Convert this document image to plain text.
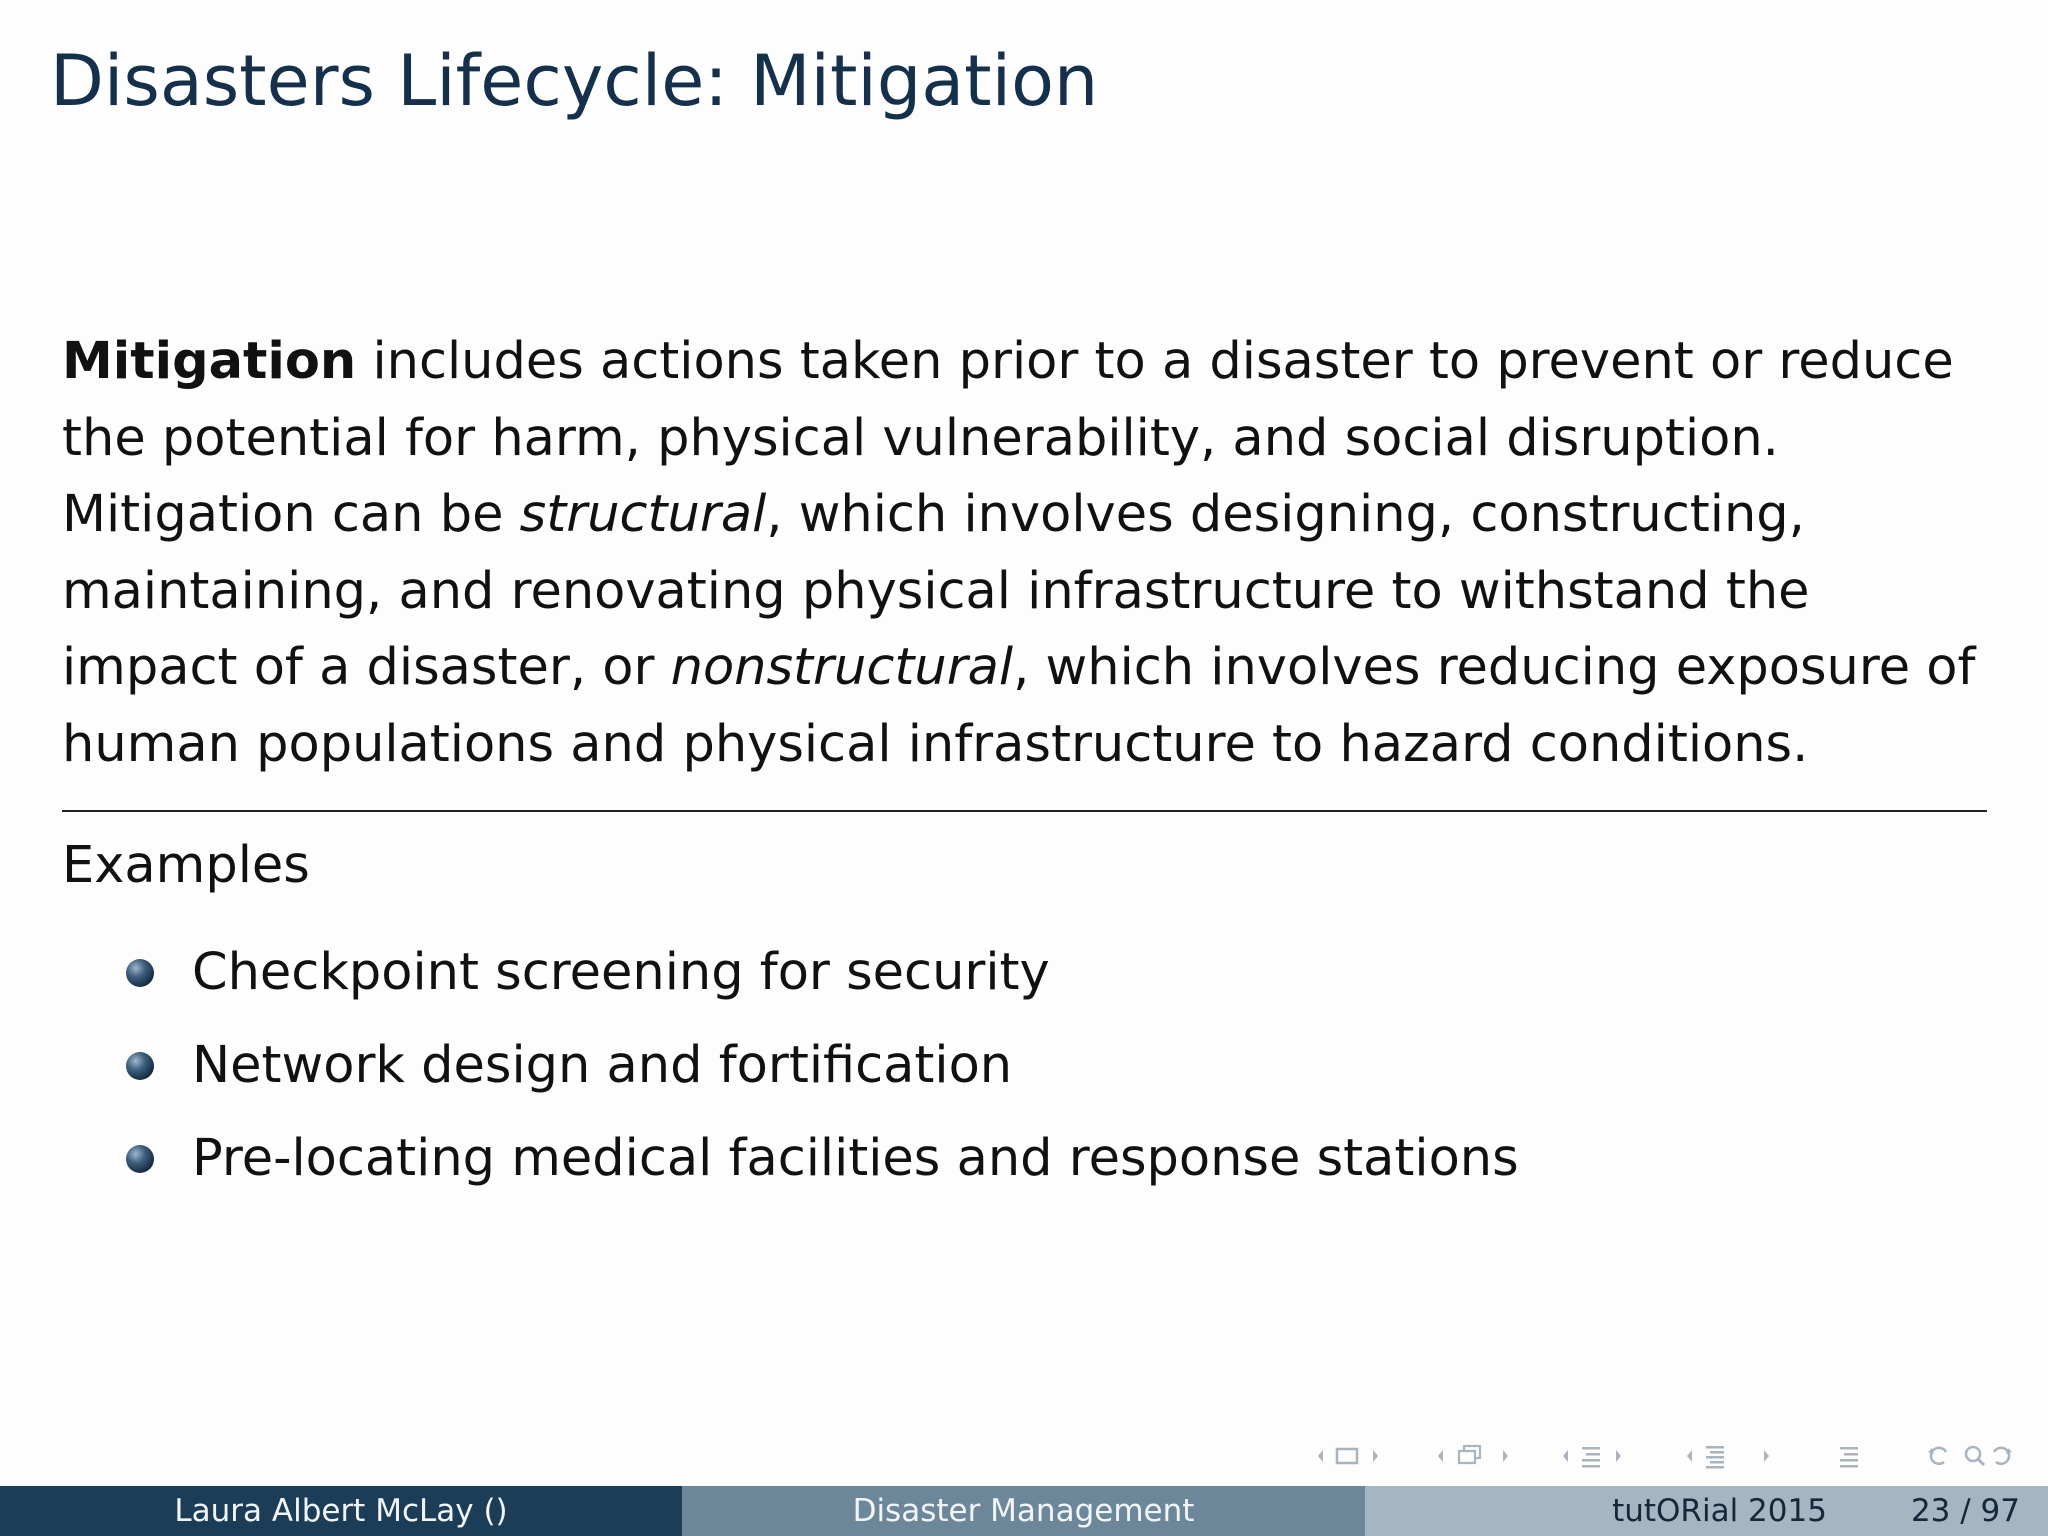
Disasters Lifecycle: Mitigation

Mitigation includes actions taken prior to a disaster to prevent or reduce
the potential for harm, physical vulnerability, and social disruption.
Mitigation can be structural, which involves designing, constructing,
maintaining, and renovating physical infrastructure to withstand the
impact of a disaster, or nonstructural, which involves reducing exposure of
human populations and physical infrastructure to hazard conditions.

Examples
Checkpoint screening for security
Network design and fortification
Pre-locating medical facilities and response stations
Laura Albert McLay ()	Disaster Management	tutORial 2015	23 / 97
